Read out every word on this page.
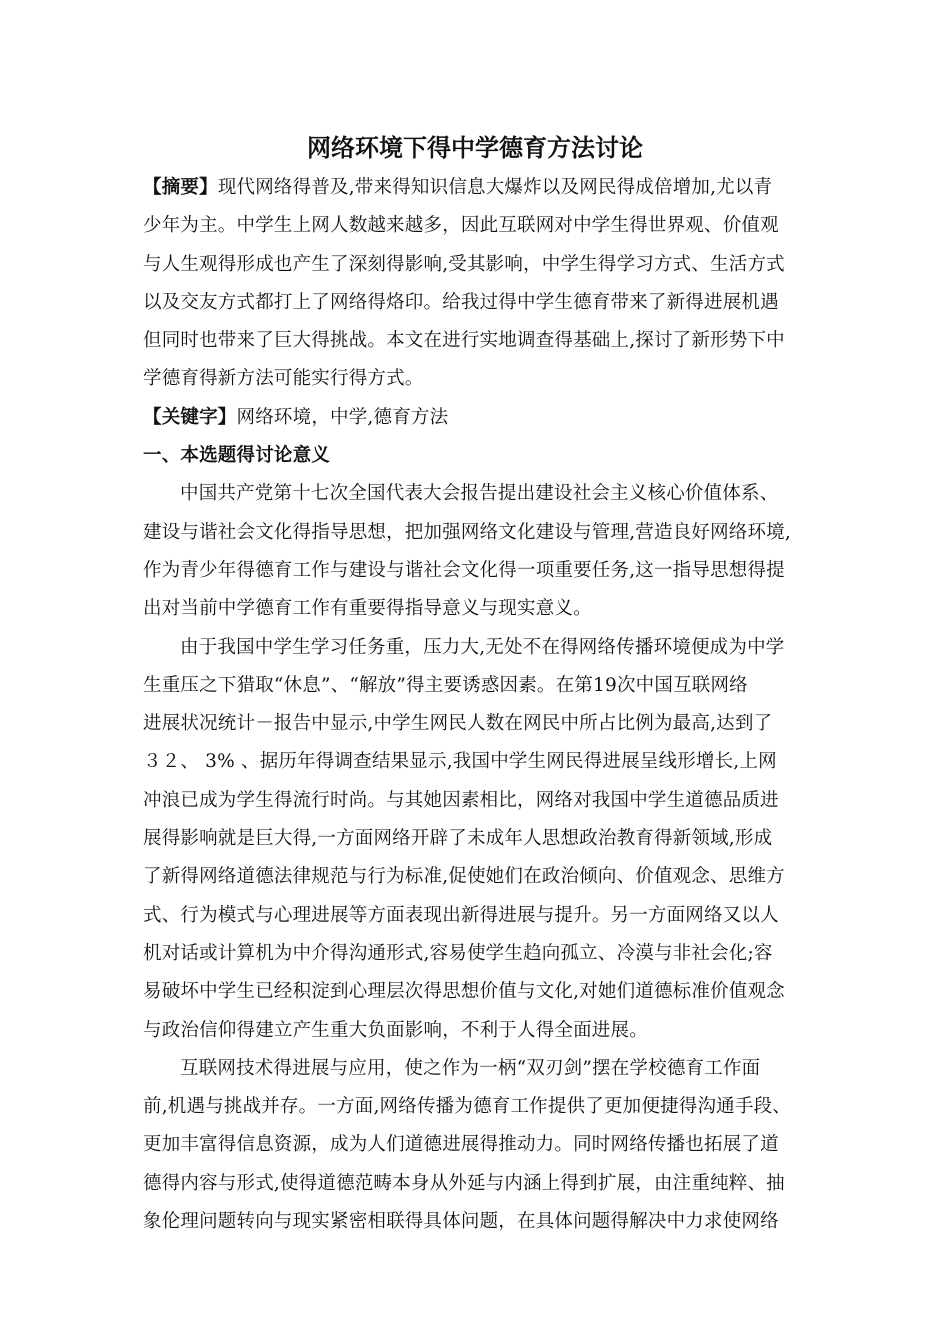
网络环境下得中学德育方法讨论
【摘要】现代网络得普及,带来得知识信息大爆炸以及网民得成倍增加,尤以青
少年为主。中学生上网人数越来越多，因此互联网对中学生得世界观、价值观
与人生观得形成也产生了深刻得影响,受其影响，中学生得学习方式、生活方式
以及交友方式都打上了网络得烙印。给我过得中学生德育带来了新得进展机遇
但同时也带来了巨大得挑战。本文在进行实地调查得基础上,探讨了新形势下中
学德育得新方法可能实行得方式。
【关键字】网络环境，中学,德育方法
一、本选题得讨论意义
中国共产党第十七次全国代表大会报告提出建设社会主义核心价值体系、
建设与谐社会文化得指导思想，把加强网络文化建设与管理,营造良好网络环境,
作为青少年得德育工作与建设与谐社会文化得一项重要任务,这一指导思想得提
出对当前中学德育工作有重要得指导意义与现实意义。
由于我国中学生学习任务重，压力大,无处不在得网络传播环境便成为中学
生重压之下猎取“休息”、“解放”得主要诱惑因素。在第19次中国互联网络
进展状况统计－报告中显示,中学生网民人数在网民中所占比例为最高,达到了
３２、 3% 、据历年得调查结果显示,我国中学生网民得进展呈线形增长,上网
冲浪已成为学生得流行时尚。与其她因素相比，网络对我国中学生道德品质进
展得影响就是巨大得,一方面网络开辟了未成年人思想政治教育得新领域,形成
了新得网络道德法律规范与行为标准,促使她们在政治倾向、价值观念、思维方
式、行为模式与心理进展等方面表现出新得进展与提升。另一方面网络又以人
机对话或计算机为中介得沟通形式,容易使学生趋向孤立、冷漠与非社会化;容
易破坏中学生已经积淀到心理层次得思想价值与文化,对她们道德标准价值观念
与政治信仰得建立产生重大负面影响，不利于人得全面进展。
互联网技术得进展与应用，使之作为一柄“双刃剑”摆在学校德育工作面
前,机遇与挑战并存。一方面,网络传播为德育工作提供了更加便捷得沟通手段、
更加丰富得信息资源，成为人们道德进展得推动力。同时网络传播也拓展了道
德得内容与形式,使得道德范畴本身从外延与内涵上得到扩展，由注重纯粹、抽
象伦理问题转向与现实紧密相联得具体问题，在具体问题得解决中力求使网络
